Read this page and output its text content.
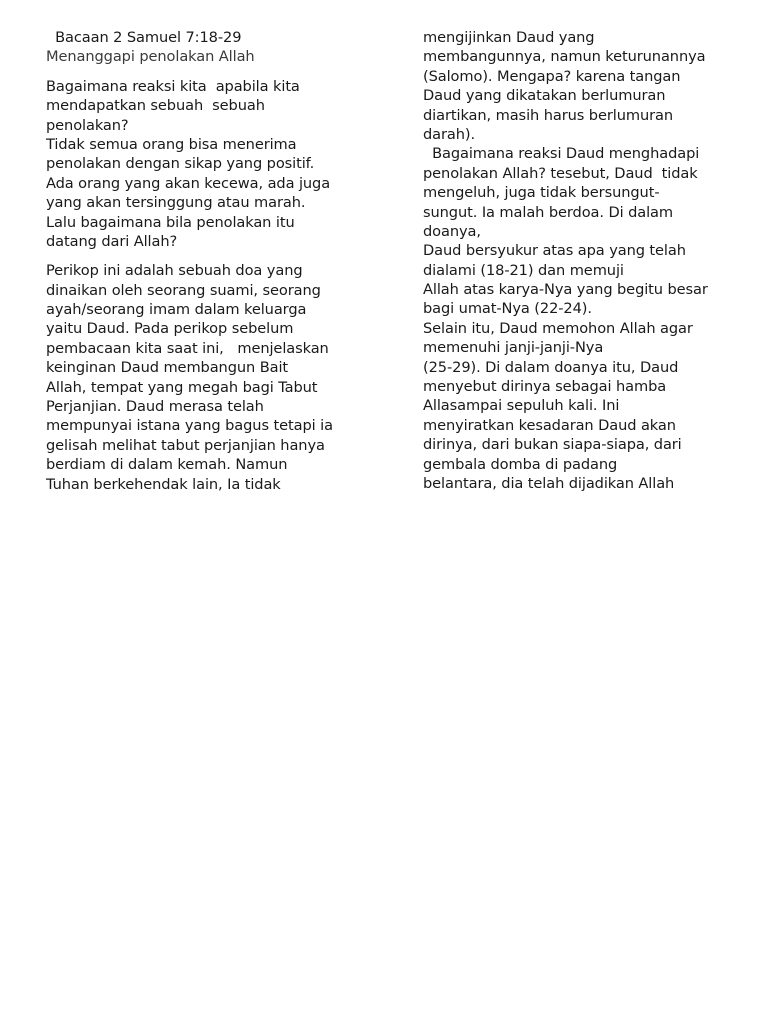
Bacaan 2 Samuel 7:18-29
Menanggapi penolakan Allah
Bagaimana reaksi kita  apabila kita
mendapatkan sebuah  sebuah
penolakan?
Tidak semua orang bisa menerima
penolakan dengan sikap yang positif.
Ada orang yang akan kecewa, ada juga
yang akan tersinggung atau marah.
Lalu bagaimana bila penolakan itu
datang dari Allah?
Perikop ini adalah sebuah doa yang
dinaikan oleh seorang suami, seorang
ayah/seorang imam dalam keluarga
yaitu Daud. Pada perikop sebelum
pembacaan kita saat ini,   menjelaskan
keinginan Daud membangun Bait
Allah, tempat yang megah bagi Tabut
Perjanjian. Daud merasa telah
mempunyai istana yang bagus tetapi ia
gelisah melihat tabut perjanjian hanya
berdiam di dalam kemah. Namun
Tuhan berkehendak lain, Ia tidak
mengijinkan Daud yang
membangunnya, namun keturunannya
(Salomo). Mengapa? karena tangan
Daud yang dikatakan berlumuran
diartikan, masih harus berlumuran
darah).
Bagaimana reaksi Daud menghadapi
penolakan Allah? tesebut, Daud  tidak
mengeluh, juga tidak bersungut-
sungut. Ia malah berdoa. Di dalam
doanya,
Daud bersyukur atas apa yang telah
dialami (18-21) dan memuji
Allah atas karya-Nya yang begitu besar
bagi umat-Nya (22-24).
Selain itu, Daud memohon Allah agar
memenuhi janji-janji-Nya
(25-29). Di dalam doanya itu, Daud
menyebut dirinya sebagai hamba
Allasampai sepuluh kali. Ini
menyiratkan kesadaran Daud akan
dirinya, dari bukan siapa-siapa, dari
gembala domba di padang
belantara, dia telah dijadikan Allah
